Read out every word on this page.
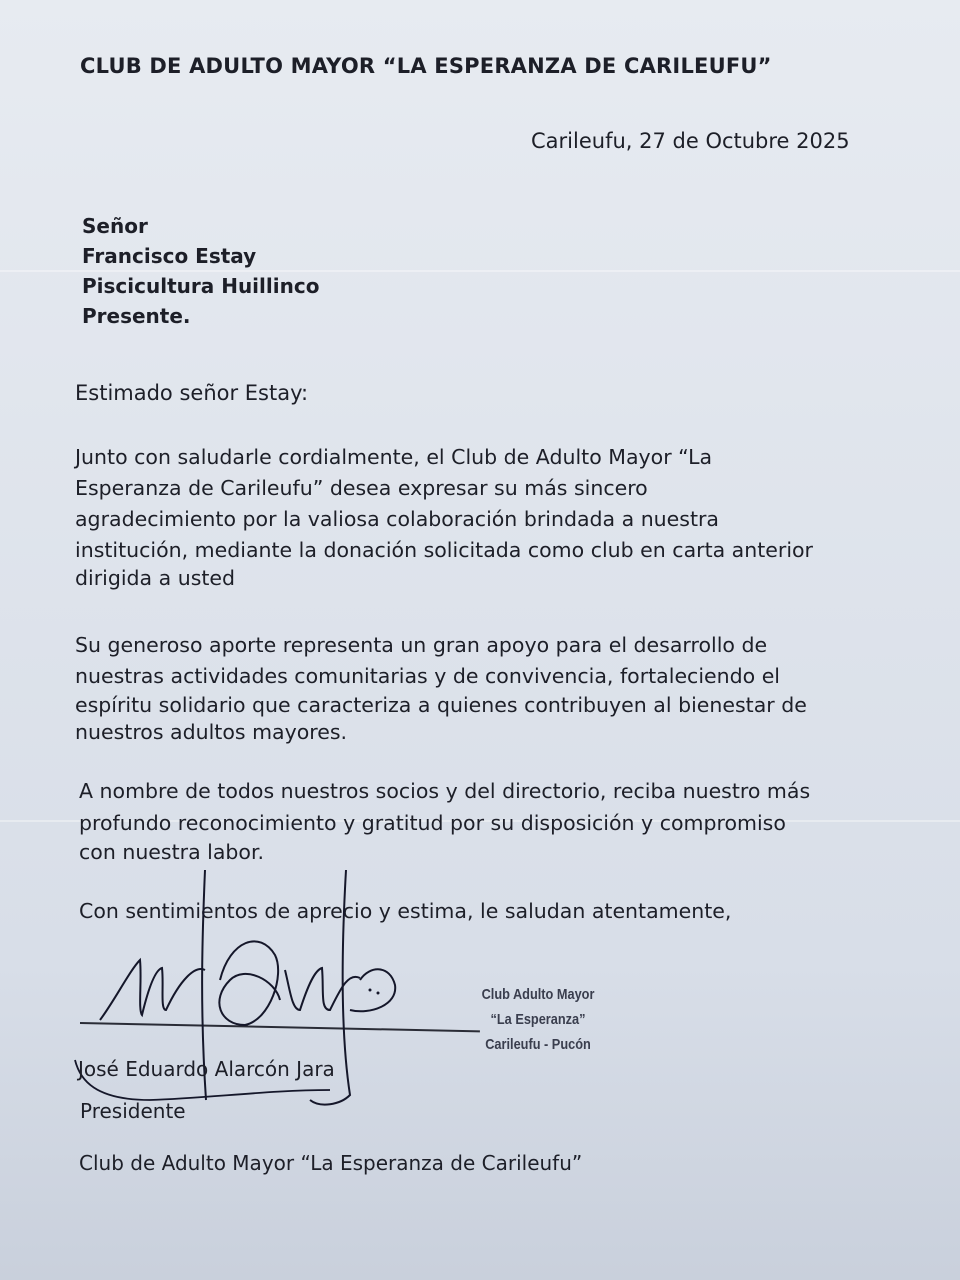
CLUB DE ADULTO MAYOR “LA ESPERANZA DE CARILEUFU”

Carileufu, 27 de Octubre 2025

Señor

Francisco Estay

Piscicultura Huillinco

Presente.

Estimado señor Estay:

Junto con saludarle cordialmente, el Club de Adulto Mayor “La

Esperanza de Carileufu” desea expresar su más sincero

agradecimiento por la valiosa colaboración brindada a nuestra

institución, mediante la donación solicitada como club en carta anterior

dirigida a usted

Su generoso aporte representa un gran apoyo para el desarrollo de

nuestras actividades comunitarias y de convivencia, fortaleciendo el

espíritu solidario que caracteriza a quienes contribuyen al bienestar de

nuestros adultos mayores.

A nombre de todos nuestros socios y del directorio, reciba nuestro más

profundo reconocimiento y gratitud por su disposición y compromiso

con nuestra labor.

Con sentimientos de aprecio y estima, le saludan atentamente,

Club Adulto Mayor
“La Esperanza”
Carileufu - Pucón

José Eduardo Alarcón Jara

Presidente

Club de Adulto Mayor “La Esperanza de Carileufu”
